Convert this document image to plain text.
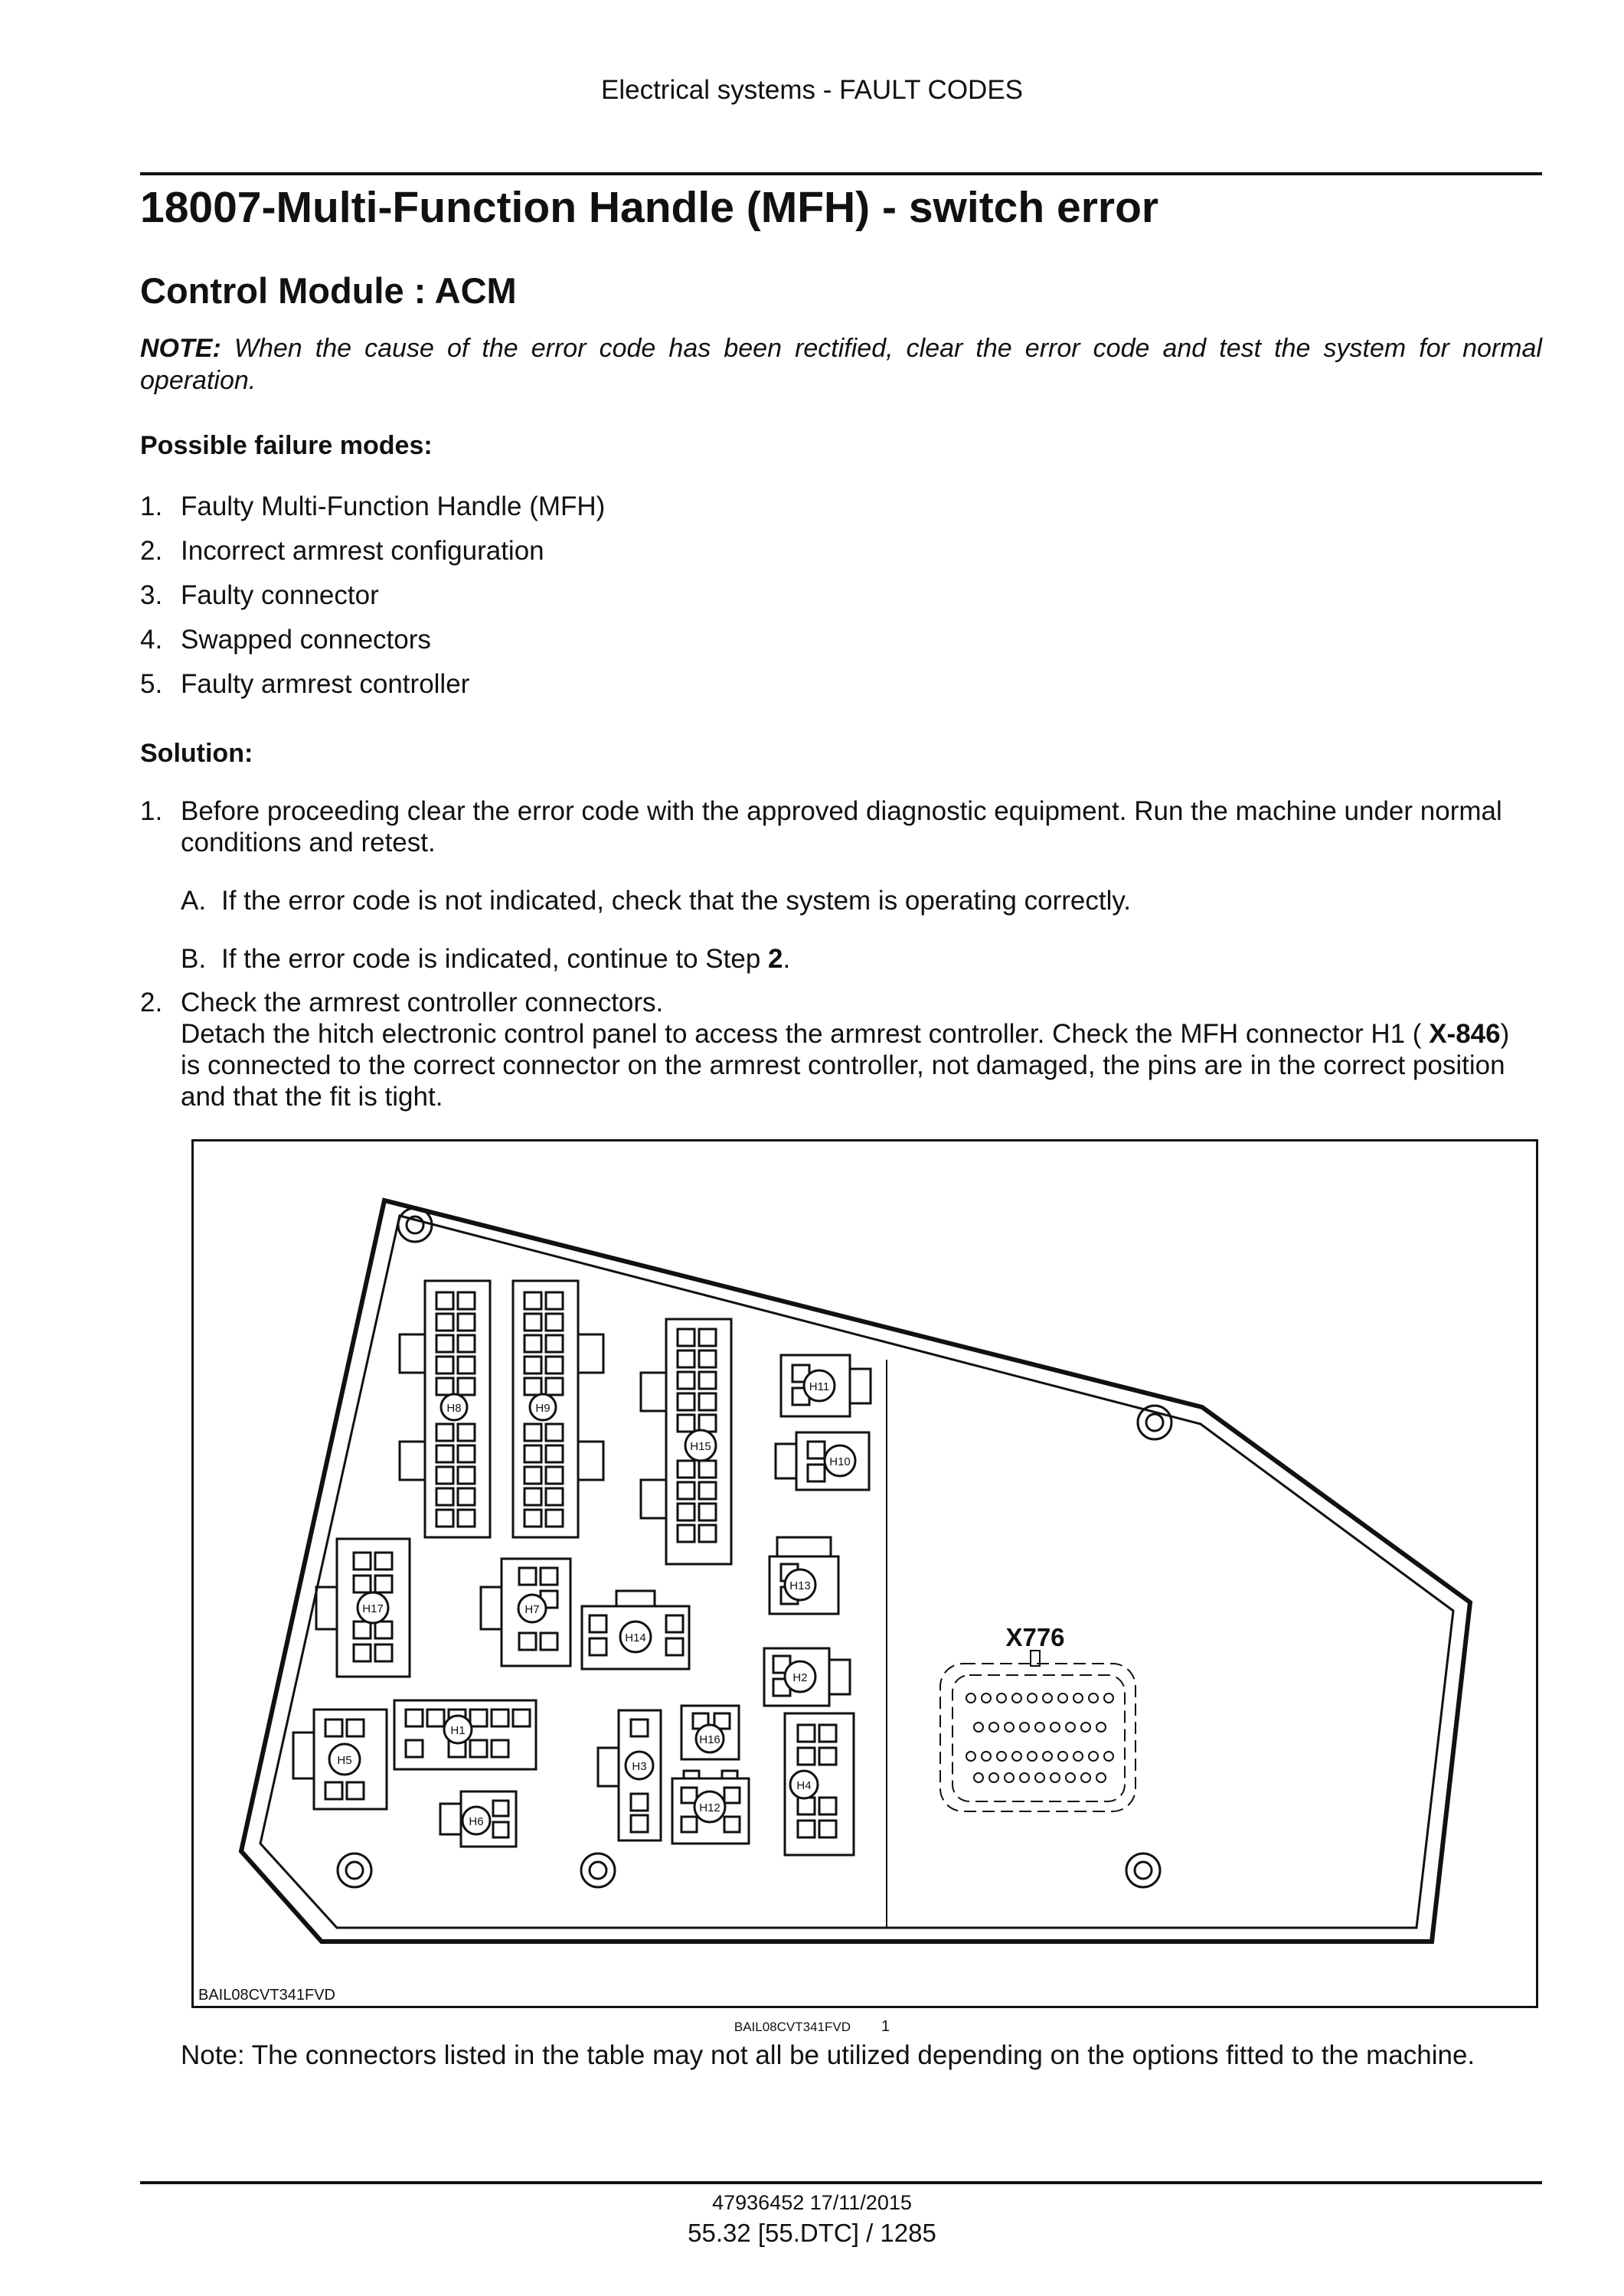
Electrical systems - FAULT CODES
18007-Multi-Function Handle (MFH) - switch error
Control Module : ACM
NOTE: When the cause of the error code has been rectified, clear the error code and test the system for normal operation.
Possible failure modes:
1. Faulty Multi-Function Handle (MFH)
2. Incorrect armrest configuration
3. Faulty connector
4. Swapped connectors
5. Faulty armrest controller
Solution:
1. Before proceeding clear the error code with the approved diagnostic equipment. Run the machine under normal
conditions and retest.
A. If the error code is not indicated, check that the system is operating correctly.
B. If the error code is indicated, continue to Step 2.
2. Check the armrest controller connectors.
Detach the hitch electronic control panel to access the armrest controller. Check the MFH connector H1 ( X-846)
is connected to the correct connector on the armrest controller, not damaged, the pins are in the correct position
and that the fit is tight.
H8	H9
H15
H11
H10
H13
H17	H7
H14
H2
H5
H1
H6
H3
H16
H12
H4
X776
BAIL08CVT341FVD
BAIL08CVT341FVD 1
Note: The connectors listed in the table may not all be utilized depending on the options fitted to the machine.
47936452 17/11/2015
55.32 [55.DTC] / 1285
